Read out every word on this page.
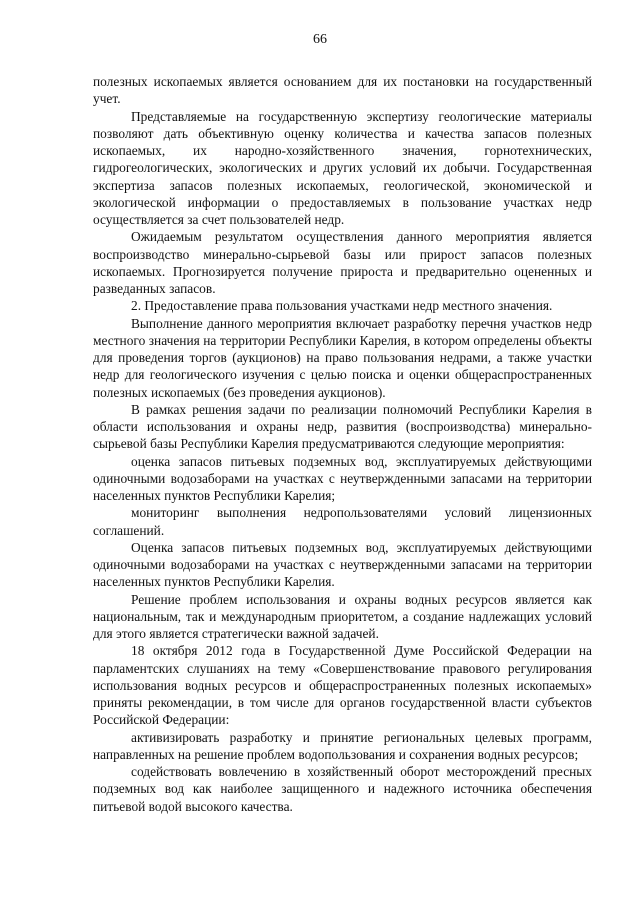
66

полезных ископаемых является основанием для их постановки на государственный учет.

Представляемые на государственную экспертизу геологические материалы позволяют дать объективную оценку количества и качества запасов полезных ископаемых, их народно-хозяйственного значения, горнотехнических, гидрогеологических, экологических и других условий их добычи. Государственная экспертиза запасов полезных ископаемых, геологической, экономической и экологической информации о предоставляемых в пользование участках недр осуществляется за счет пользователей недр.

Ожидаемым результатом осуществления данного мероприятия является воспроизводство минерально-сырьевой базы или прирост запасов полезных ископаемых. Прогнозируется получение прироста и предварительно оцененных и разведанных запасов.

2. Предоставление права пользования участками недр местного значения.

Выполнение данного мероприятия включает разработку перечня участков недр местного значения на территории Республики Карелия, в котором определены объекты для проведения торгов (аукционов) на право пользования недрами, а также участки недр для геологического изучения с целью поиска и оценки общераспространенных полезных ископаемых (без проведения аукционов).

В рамках решения задачи по реализации полномочий Республики Карелия в области использования и охраны недр, развития (воспроизводства) минерально-сырьевой базы Республики Карелия предусматриваются следующие мероприятия:

оценка запасов питьевых подземных вод, эксплуатируемых действующими одиночными водозаборами на участках с неутвержденными запасами на территории населенных пунктов Республики Карелия;

мониторинг выполнения недропользователями условий лицензионных соглашений.

Оценка запасов питьевых подземных вод, эксплуатируемых действующими одиночными водозаборами на участках с неутвержденными запасами на территории населенных пунктов Республики Карелия.

Решение проблем использования и охраны водных ресурсов является как национальным, так и международным приоритетом, а создание надлежащих условий для этого является стратегически важной задачей.

18 октября 2012 года в Государственной Думе Российской Федерации на парламентских слушаниях на тему «Совершенствование правового регулирования использования водных ресурсов и общераспространенных полезных ископаемых» приняты рекомендации, в том числе для органов государственной власти субъектов Российской Федерации:

активизировать разработку и принятие региональных целевых программ, направленных на решение проблем водопользования и сохранения водных ресурсов;

содействовать вовлечению в хозяйственный оборот месторождений пресных подземных вод как наиболее защищенного и надежного источника обеспечения питьевой водой высокого качества.
